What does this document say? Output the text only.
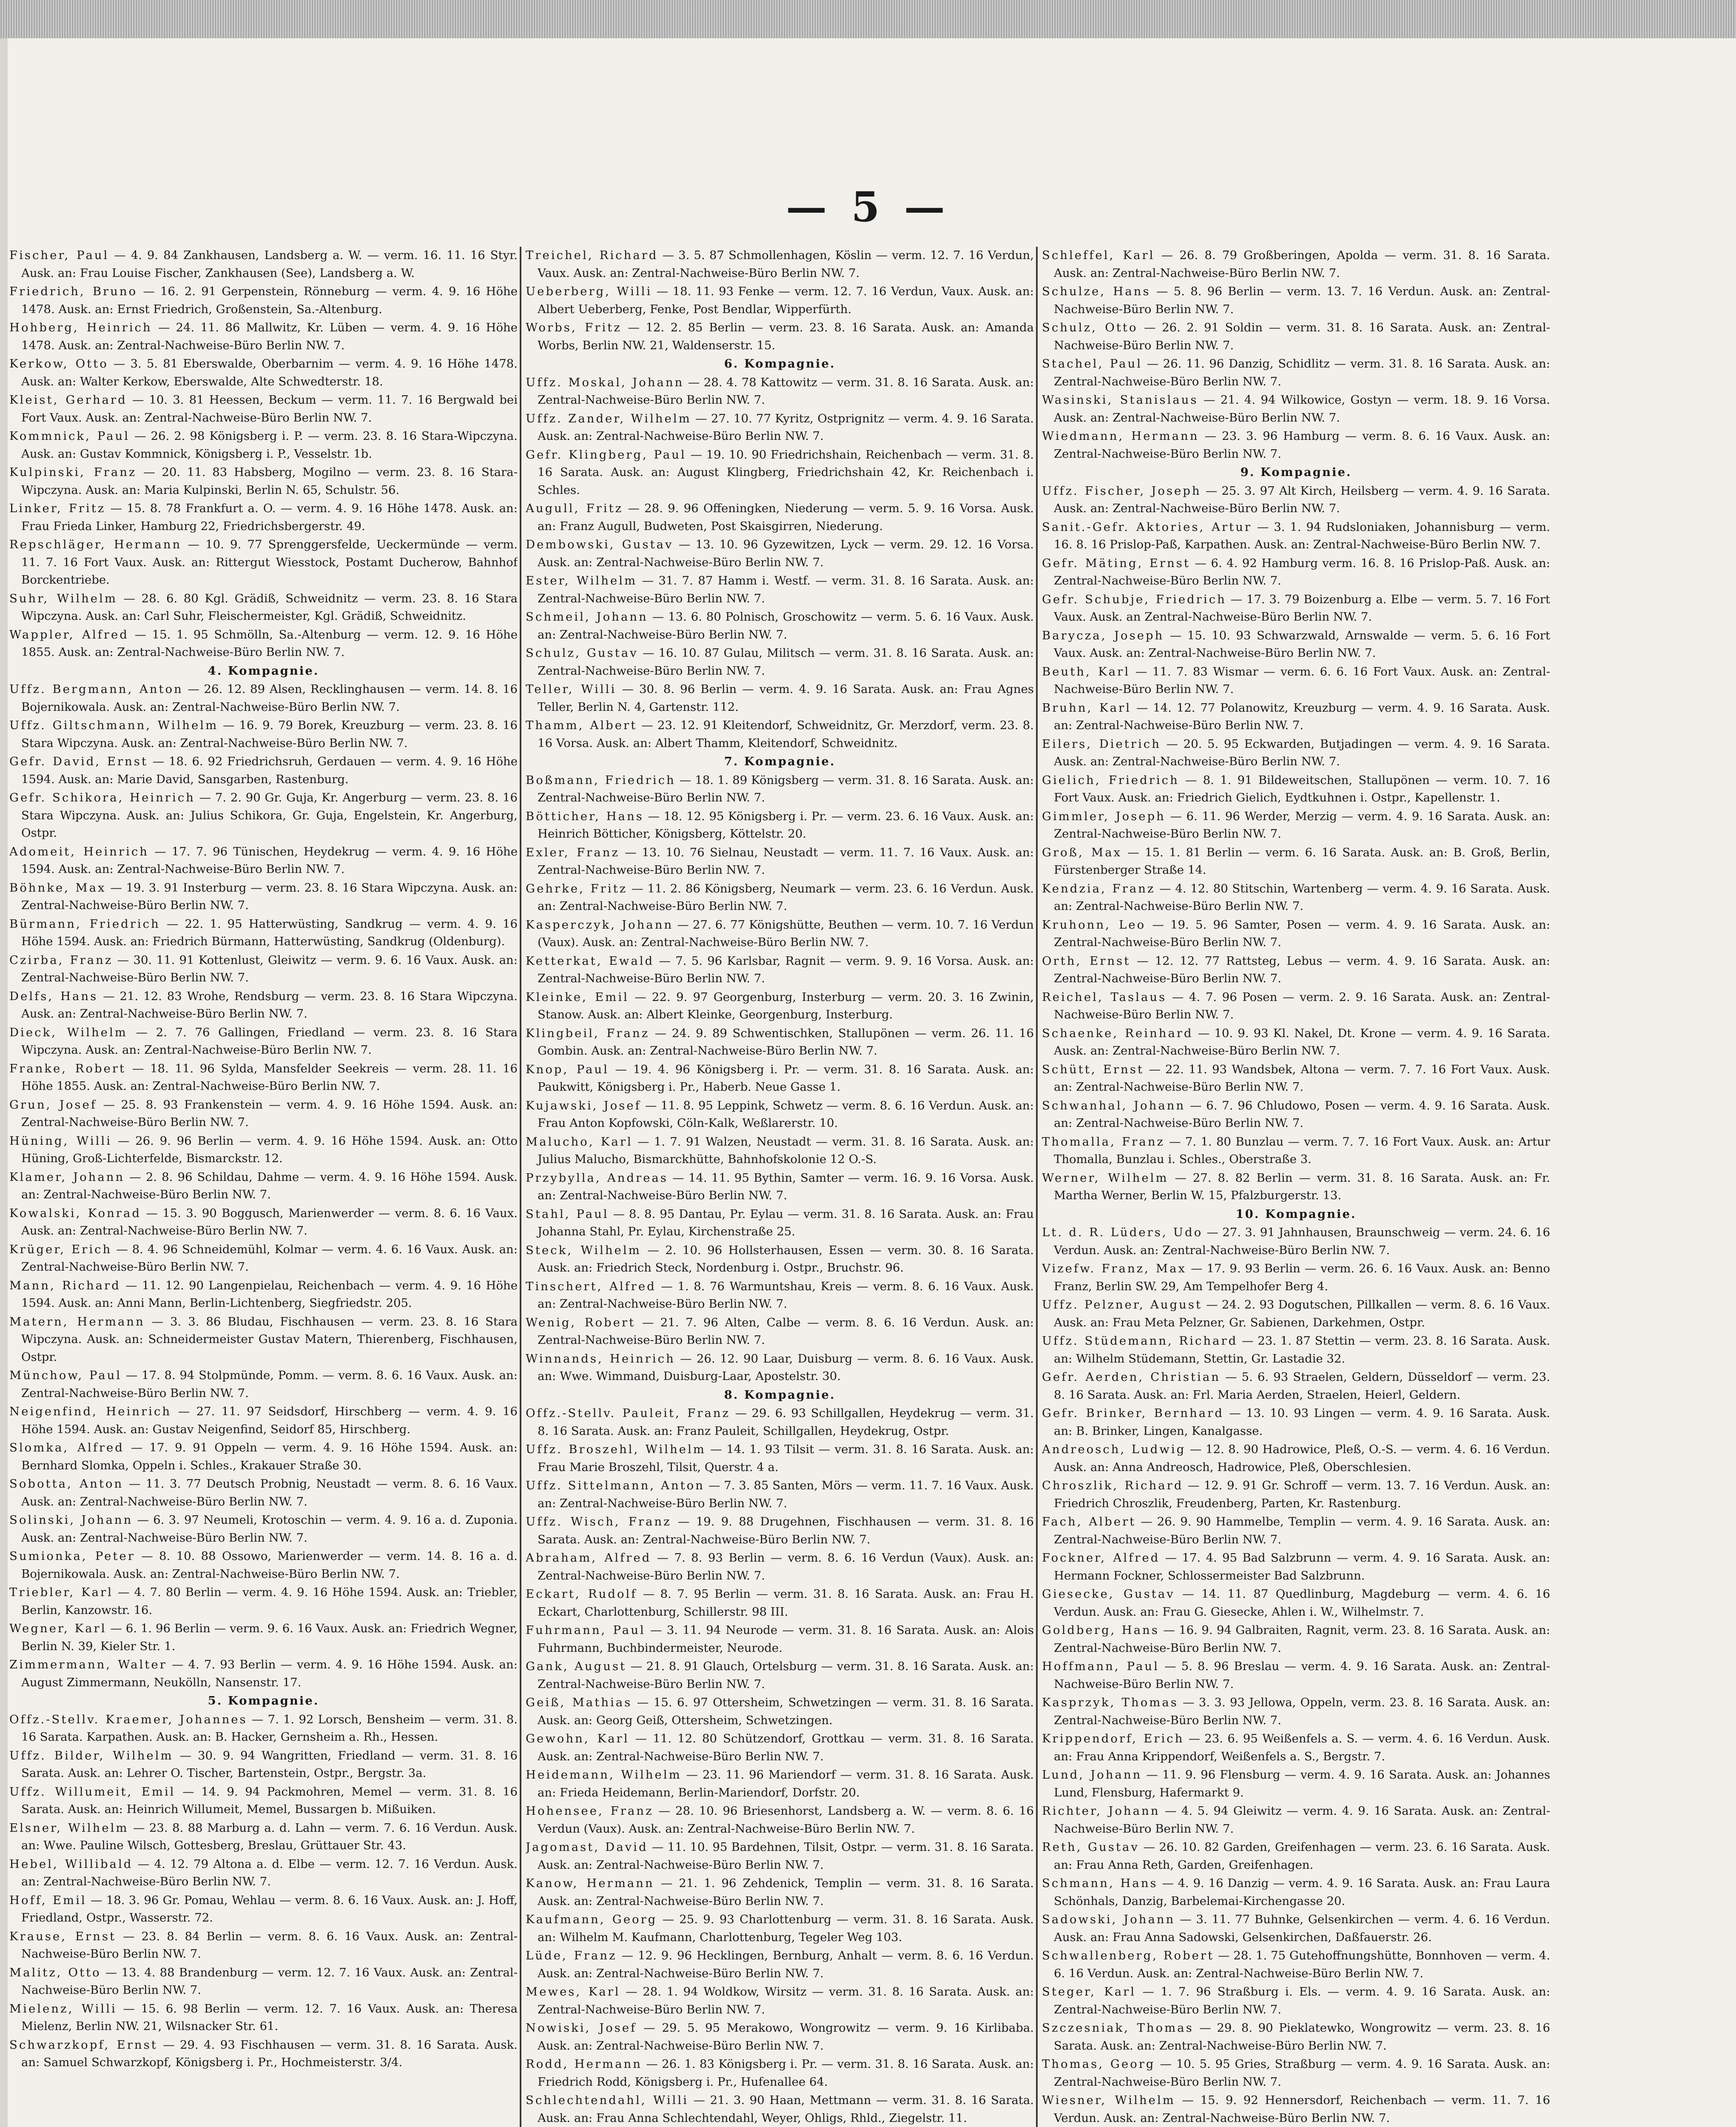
— 5 —
Fischer, Paul — 4. 9. 84 Zankhausen, Landsberg a. W. — verm. 16. 11. 16 Styr. Ausk. an: Frau Louise Fischer, Zankhausen (See), Landsberg a. W.
Friedrich, Bruno — 16. 2. 91 Gerpenstein, Rönneburg — verm. 4. 9. 16 Höhe 1478. Ausk. an: Ernst Friedrich, Großenstein, Sa.-Altenburg.
Hohberg, Heinrich — 24. 11. 86 Mallwitz, Kr. Lüben — verm. 4. 9. 16 Höhe 1478. Ausk. an: Zentral-Nachweise-Büro Berlin NW. 7.
Kerkow, Otto — 3. 5. 81 Eberswalde, Oberbarnim — verm. 4. 9. 16 Höhe 1478. Ausk. an: Walter Kerkow, Eberswalde, Alte Schwedterstr. 18.
Kleist, Gerhard — 10. 3. 81 Heessen, Beckum — verm. 11. 7. 16 Bergwald bei Fort Vaux. Ausk. an: Zentral-Nachweise-Büro Berlin NW. 7.
Kommnick, Paul — 26. 2. 98 Königsberg i. P. — verm. 23. 8. 16 Stara-Wipczyna. Ausk. an: Gustav Kommnick, Königsberg i. P., Vesselstr. 1b.
Kulpinski, Franz — 20. 11. 83 Habsberg, Mogilno — verm. 23. 8. 16 Stara-Wipczyna. Ausk. an: Maria Kulpinski, Berlin N. 65, Schulstr. 56.
Linker, Fritz — 15. 8. 78 Frankfurt a. O. — verm. 4. 9. 16 Höhe 1478. Ausk. an: Frau Frieda Linker, Hamburg 22, Friedrichsbergerstr. 49.
Repschläger, Hermann — 10. 9. 77 Sprenggersfelde, Ueckermünde — verm. 11. 7. 16 Fort Vaux. Ausk. an: Rittergut Wiesstock, Postamt Ducherow, Bahnhof Borckentriebe.
Suhr, Wilhelm — 28. 6. 80 Kgl. Grädiß, Schweidnitz — verm. 23. 8. 16 Stara Wipczyna. Ausk. an: Carl Suhr, Fleischermeister, Kgl. Grädiß, Schweidnitz.
Wappler, Alfred — 15. 1. 95 Schmölln, Sa.-Altenburg — verm. 12. 9. 16 Höhe 1855. Ausk. an: Zentral-Nachweise-Büro Berlin NW. 7.
4. Kompagnie.
Uffz. Bergmann, Anton — 26. 12. 89 Alsen, Recklinghausen — verm. 14. 8. 16 Bojernikowala. Ausk. an: Zentral-Nachweise-Büro Berlin NW. 7.
Uffz. Giltschmann, Wilhelm — 16. 9. 79 Borek, Kreuzburg — verm. 23. 8. 16 Stara Wipczyna. Ausk. an: Zentral-Nachweise-Büro Berlin NW. 7.
Gefr. David, Ernst — 18. 6. 92 Friedrichsruh, Gerdauen — verm. 4. 9. 16 Höhe 1594. Ausk. an: Marie David, Sansgarben, Rastenburg.
Gefr. Schikora, Heinrich — 7. 2. 90 Gr. Guja, Kr. Angerburg — verm. 23. 8. 16 Stara Wipczyna. Ausk. an: Julius Schikora, Gr. Guja, Engelstein, Kr. Angerburg, Ostpr.
Adomeit, Heinrich — 17. 7. 96 Tünischen, Heydekrug — verm. 4. 9. 16 Höhe 1594. Ausk. an: Zentral-Nachweise-Büro Berlin NW. 7.
Böhnke, Max — 19. 3. 91 Insterburg — verm. 23. 8. 16 Stara Wipczyna. Ausk. an: Zentral-Nachweise-Büro Berlin NW. 7.
Bürmann, Friedrich — 22. 1. 95 Hatterwüsting, Sandkrug — verm. 4. 9. 16 Höhe 1594. Ausk. an: Friedrich Bürmann, Hatterwüsting, Sandkrug (Oldenburg).
Czirba, Franz — 30. 11. 91 Kottenlust, Gleiwitz — verm. 9. 6. 16 Vaux. Ausk. an: Zentral-Nachweise-Büro Berlin NW. 7.
Delfs, Hans — 21. 12. 83 Wrohe, Rendsburg — verm. 23. 8. 16 Stara Wipczyna. Ausk. an: Zentral-Nachweise-Büro Berlin NW. 7.
Dieck, Wilhelm — 2. 7. 76 Gallingen, Friedland — verm. 23. 8. 16 Stara Wipczyna. Ausk. an: Zentral-Nachweise-Büro Berlin NW. 7.
Franke, Robert — 18. 11. 96 Sylda, Mansfelder Seekreis — verm. 28. 11. 16 Höhe 1855. Ausk. an: Zentral-Nachweise-Büro Berlin NW. 7.
Grun, Josef — 25. 8. 93 Frankenstein — verm. 4. 9. 16 Höhe 1594. Ausk. an: Zentral-Nachweise-Büro Berlin NW. 7.
Hüning, Willi — 26. 9. 96 Berlin — verm. 4. 9. 16 Höhe 1594. Ausk. an: Otto Hüning, Groß-Lichterfelde, Bismarckstr. 12.
Klamer, Johann — 2. 8. 96 Schildau, Dahme — verm. 4. 9. 16 Höhe 1594. Ausk. an: Zentral-Nachweise-Büro Berlin NW. 7.
Kowalski, Konrad — 15. 3. 90 Boggusch, Marienwerder — verm. 8. 6. 16 Vaux. Ausk. an: Zentral-Nachweise-Büro Berlin NW. 7.
Krüger, Erich — 8. 4. 96 Schneidemühl, Kolmar — verm. 4. 6. 16 Vaux. Ausk. an: Zentral-Nachweise-Büro Berlin NW. 7.
Mann, Richard — 11. 12. 90 Langenpielau, Reichenbach — verm. 4. 9. 16 Höhe 1594. Ausk. an: Anni Mann, Berlin-Lichtenberg, Siegfriedstr. 205.
Matern, Hermann — 3. 3. 86 Bludau, Fischhausen — verm. 23. 8. 16 Stara Wipczyna. Ausk. an: Schneidermeister Gustav Matern, Thierenberg, Fischhausen, Ostpr.
Münchow, Paul — 17. 8. 94 Stolpmünde, Pomm. — verm. 8. 6. 16 Vaux. Ausk. an: Zentral-Nachweise-Büro Berlin NW. 7.
Neigenfind, Heinrich — 27. 11. 97 Seidsdorf, Hirschberg — verm. 4. 9. 16 Höhe 1594. Ausk. an: Gustav Neigenfind, Seidorf 85, Hirschberg.
Slomka, Alfred — 17. 9. 91 Oppeln — verm. 4. 9. 16 Höhe 1594. Ausk. an: Bernhard Slomka, Oppeln i. Schles., Krakauer Straße 30.
Sobotta, Anton — 11. 3. 77 Deutsch Probnig, Neustadt — verm. 8. 6. 16 Vaux. Ausk. an: Zentral-Nachweise-Büro Berlin NW. 7.
Solinski, Johann — 6. 3. 97 Neumeli, Krotoschin — verm. 4. 9. 16 a. d. Zuponia. Ausk. an: Zentral-Nachweise-Büro Berlin NW. 7.
Sumionka, Peter — 8. 10. 88 Ossowo, Marienwerder — verm. 14. 8. 16 a. d. Bojernikowala. Ausk. an: Zentral-Nachweise-Büro Berlin NW. 7.
Triebler, Karl — 4. 7. 80 Berlin — verm. 4. 9. 16 Höhe 1594. Ausk. an: Triebler, Berlin, Kanzowstr. 16.
Wegner, Karl — 6. 1. 96 Berlin — verm. 9. 6. 16 Vaux. Ausk. an: Friedrich Wegner, Berlin N. 39, Kieler Str. 1.
Zimmermann, Walter — 4. 7. 93 Berlin — verm. 4. 9. 16 Höhe 1594. Ausk. an: August Zimmermann, Neukölln, Nansenstr. 17.
5. Kompagnie.
Offz.-Stellv. Kraemer, Johannes — 7. 1. 92 Lorsch, Bensheim — verm. 31. 8. 16 Sarata. Karpathen. Ausk. an: B. Hacker, Gernsheim a. Rh., Hessen.
Uffz. Bilder, Wilhelm — 30. 9. 94 Wangritten, Friedland — verm. 31. 8. 16 Sarata. Ausk. an: Lehrer O. Tischer, Bartenstein, Ostpr., Bergstr. 3a.
Uffz. Willumeit, Emil — 14. 9. 94 Packmohren, Memel — verm. 31. 8. 16 Sarata. Ausk. an: Heinrich Willumeit, Memel, Bussargen b. Mißuiken.
Elsner, Wilhelm — 23. 8. 88 Marburg a. d. Lahn — verm. 7. 6. 16 Verdun. Ausk. an: Wwe. Pauline Wilsch, Gottesberg, Breslau, Grüttauer Str. 43.
Hebel, Willibald — 4. 12. 79 Altona a. d. Elbe — verm. 12. 7. 16 Verdun. Ausk. an: Zentral-Nachweise-Büro Berlin NW. 7.
Hoff, Emil — 18. 3. 96 Gr. Pomau, Wehlau — verm. 8. 6. 16 Vaux. Ausk. an: J. Hoff, Friedland, Ostpr., Wasserstr. 72.
Krause, Ernst — 23. 8. 84 Berlin — verm. 8. 6. 16 Vaux. Ausk. an: Zentral-Nachweise-Büro Berlin NW. 7.
Malitz, Otto — 13. 4. 88 Brandenburg — verm. 12. 7. 16 Vaux. Ausk. an: Zentral-Nachweise-Büro Berlin NW. 7.
Mielenz, Willi — 15. 6. 98 Berlin — verm. 12. 7. 16 Vaux. Ausk. an: Theresa Mielenz, Berlin NW. 21, Wilsnacker Str. 61.
Schwarzkopf, Ernst — 29. 4. 93 Fischhausen — verm. 31. 8. 16 Sarata. Ausk. an: Samuel Schwarzkopf, Königsberg i. Pr., Hochmeisterstr. 3/4.
Treichel, Richard — 3. 5. 87 Schmollenhagen, Köslin — verm. 12. 7. 16 Verdun, Vaux. Ausk. an: Zentral-Nachweise-Büro Berlin NW. 7.
Ueberberg, Willi — 18. 11. 93 Fenke — verm. 12. 7. 16 Verdun, Vaux. Ausk. an: Albert Ueberberg, Fenke, Post Bendlar, Wipperfürth.
Worbs, Fritz — 12. 2. 85 Berlin — verm. 23. 8. 16 Sarata. Ausk. an: Amanda Worbs, Berlin NW. 21, Waldenserstr. 15.
6. Kompagnie.
Uffz. Moskal, Johann — 28. 4. 78 Kattowitz — verm. 31. 8. 16 Sarata. Ausk. an: Zentral-Nachweise-Büro Berlin NW. 7.
Uffz. Zander, Wilhelm — 27. 10. 77 Kyritz, Ostprignitz — verm. 4. 9. 16 Sarata. Ausk. an: Zentral-Nachweise-Büro Berlin NW. 7.
Gefr. Klingberg, Paul — 19. 10. 90 Friedrichshain, Reichenbach — verm. 31. 8. 16 Sarata. Ausk. an: August Klingberg, Friedrichshain 42, Kr. Reichenbach i. Schles.
Augull, Fritz — 28. 9. 96 Offeningken, Niederung — verm. 5. 9. 16 Vorsa. Ausk. an: Franz Augull, Budweten, Post Skaisgirren, Niederung.
Dembowski, Gustav — 13. 10. 96 Gyzewitzen, Lyck — verm. 29. 12. 16 Vorsa. Ausk. an: Zentral-Nachweise-Büro Berlin NW. 7.
Ester, Wilhelm — 31. 7. 87 Hamm i. Westf. — verm. 31. 8. 16 Sarata. Ausk. an: Zentral-Nachweise-Büro Berlin NW. 7.
Schmeil, Johann — 13. 6. 80 Polnisch, Groschowitz — verm. 5. 6. 16 Vaux. Ausk. an: Zentral-Nachweise-Büro Berlin NW. 7.
Schulz, Gustav — 16. 10. 87 Gulau, Militsch — verm. 31. 8. 16 Sarata. Ausk. an: Zentral-Nachweise-Büro Berlin NW. 7.
Teller, Willi — 30. 8. 96 Berlin — verm. 4. 9. 16 Sarata. Ausk. an: Frau Agnes Teller, Berlin N. 4, Gartenstr. 112.
Thamm, Albert — 23. 12. 91 Kleitendorf, Schweidnitz, Gr. Merzdorf, verm. 23. 8. 16 Vorsa. Ausk. an: Albert Thamm, Kleitendorf, Schweidnitz.
7. Kompagnie.
Boßmann, Friedrich — 18. 1. 89 Königsberg — verm. 31. 8. 16 Sarata. Ausk. an: Zentral-Nachweise-Büro Berlin NW. 7.
Bötticher, Hans — 18. 12. 95 Königsberg i. Pr. — verm. 23. 6. 16 Vaux. Ausk. an: Heinrich Bötticher, Königsberg, Köttelstr. 20.
Exler, Franz — 13. 10. 76 Sielnau, Neustadt — verm. 11. 7. 16 Vaux. Ausk. an: Zentral-Nachweise-Büro Berlin NW. 7.
Gehrke, Fritz — 11. 2. 86 Königsberg, Neumark — verm. 23. 6. 16 Verdun. Ausk. an: Zentral-Nachweise-Büro Berlin NW. 7.
Kasperczyk, Johann — 27. 6. 77 Königshütte, Beuthen — verm. 10. 7. 16 Verdun (Vaux). Ausk. an: Zentral-Nachweise-Büro Berlin NW. 7.
Ketterkat, Ewald — 7. 5. 96 Karlsbar, Ragnit — verm. 9. 9. 16 Vorsa. Ausk. an: Zentral-Nachweise-Büro Berlin NW. 7.
Kleinke, Emil — 22. 9. 97 Georgenburg, Insterburg — verm. 20. 3. 16 Zwinin, Stanow. Ausk. an: Albert Kleinke, Georgenburg, Insterburg.
Klingbeil, Franz — 24. 9. 89 Schwentischken, Stallupönen — verm. 26. 11. 16 Gombin. Ausk. an: Zentral-Nachweise-Büro Berlin NW. 7.
Knop, Paul — 19. 4. 96 Königsberg i. Pr. — verm. 31. 8. 16 Sarata. Ausk. an: Paukwitt, Königsberg i. Pr., Haberb. Neue Gasse 1.
Kujawski, Josef — 11. 8. 95 Leppink, Schwetz — verm. 8. 6. 16 Verdun. Ausk. an: Frau Anton Kopfowski, Cöln-Kalk, Weßlarerstr. 10.
Malucho, Karl — 1. 7. 91 Walzen, Neustadt — verm. 31. 8. 16 Sarata. Ausk. an: Julius Malucho, Bismarckhütte, Bahnhofskolonie 12 O.-S.
Przybylla, Andreas — 14. 11. 95 Bythin, Samter — verm. 16. 9. 16 Vorsa. Ausk. an: Zentral-Nachweise-Büro Berlin NW. 7.
Stahl, Paul — 8. 8. 95 Dantau, Pr. Eylau — verm. 31. 8. 16 Sarata. Ausk. an: Frau Johanna Stahl, Pr. Eylau, Kirchenstraße 25.
Steck, Wilhelm — 2. 10. 96 Hollsterhausen, Essen — verm. 30. 8. 16 Sarata. Ausk. an: Friedrich Steck, Nordenburg i. Ostpr., Bruchstr. 96.
Tinschert, Alfred — 1. 8. 76 Warmuntshau, Kreis — verm. 8. 6. 16 Vaux. Ausk. an: Zentral-Nachweise-Büro Berlin NW. 7.
Wenig, Robert — 21. 7. 96 Alten, Calbe — verm. 8. 6. 16 Verdun. Ausk. an: Zentral-Nachweise-Büro Berlin NW. 7.
Winnands, Heinrich — 26. 12. 90 Laar, Duisburg — verm. 8. 6. 16 Vaux. Ausk. an: Wwe. Wimmand, Duisburg-Laar, Apostelstr. 30.
8. Kompagnie.
Offz.-Stellv. Pauleit, Franz — 29. 6. 93 Schillgallen, Heydekrug — verm. 31. 8. 16 Sarata. Ausk. an: Franz Pauleit, Schillgallen, Heydekrug, Ostpr.
Uffz. Broszehl, Wilhelm — 14. 1. 93 Tilsit — verm. 31. 8. 16 Sarata. Ausk. an: Frau Marie Broszehl, Tilsit, Querstr. 4 a.
Uffz. Sittelmann, Anton — 7. 3. 85 Santen, Mörs — verm. 11. 7. 16 Vaux. Ausk. an: Zentral-Nachweise-Büro Berlin NW. 7.
Uffz. Wisch, Franz — 19. 9. 88 Drugehnen, Fischhausen — verm. 31. 8. 16 Sarata. Ausk. an: Zentral-Nachweise-Büro Berlin NW. 7.
Abraham, Alfred — 7. 8. 93 Berlin — verm. 8. 6. 16 Verdun (Vaux). Ausk. an: Zentral-Nachweise-Büro Berlin NW. 7.
Eckart, Rudolf — 8. 7. 95 Berlin — verm. 31. 8. 16 Sarata. Ausk. an: Frau H. Eckart, Charlottenburg, Schillerstr. 98 III.
Fuhrmann, Paul — 3. 11. 94 Neurode — verm. 31. 8. 16 Sarata. Ausk. an: Alois Fuhrmann, Buchbindermeister, Neurode.
Gank, August — 21. 8. 91 Glauch, Ortelsburg — verm. 31. 8. 16 Sarata. Ausk. an: Zentral-Nachweise-Büro Berlin NW. 7.
Geiß, Mathias — 15. 6. 97 Ottersheim, Schwetzingen — verm. 31. 8. 16 Sarata. Ausk. an: Georg Geiß, Ottersheim, Schwetzingen.
Gewohn, Karl — 11. 12. 80 Schützendorf, Grottkau — verm. 31. 8. 16 Sarata. Ausk. an: Zentral-Nachweise-Büro Berlin NW. 7.
Heidemann, Wilhelm — 23. 11. 96 Mariendorf — verm. 31. 8. 16 Sarata. Ausk. an: Frieda Heidemann, Berlin-Mariendorf, Dorfstr. 20.
Hohensee, Franz — 28. 10. 96 Briesenhorst, Landsberg a. W. — verm. 8. 6. 16 Verdun (Vaux). Ausk. an: Zentral-Nachweise-Büro Berlin NW. 7.
Jagomast, David — 11. 10. 95 Bardehnen, Tilsit, Ostpr. — verm. 31. 8. 16 Sarata. Ausk. an: Zentral-Nachweise-Büro Berlin NW. 7.
Kanow, Hermann — 21. 1. 96 Zehdenick, Templin — verm. 31. 8. 16 Sarata. Ausk. an: Zentral-Nachweise-Büro Berlin NW. 7.
Kaufmann, Georg — 25. 9. 93 Charlottenburg — verm. 31. 8. 16 Sarata. Ausk. an: Wilhelm M. Kaufmann, Charlottenburg, Tegeler Weg 103.
Lüde, Franz — 12. 9. 96 Hecklingen, Bernburg, Anhalt — verm. 8. 6. 16 Verdun. Ausk. an: Zentral-Nachweise-Büro Berlin NW. 7.
Mewes, Karl — 28. 1. 94 Woldkow, Wirsitz — verm. 31. 8. 16 Sarata. Ausk. an: Zentral-Nachweise-Büro Berlin NW. 7.
Nowiski, Josef — 29. 5. 95 Merakowo, Wongrowitz — verm. 9. 16 Kirlibaba. Ausk. an: Zentral-Nachweise-Büro Berlin NW. 7.
Rodd, Hermann — 26. 1. 83 Königsberg i. Pr. — verm. 31. 8. 16 Sarata. Ausk. an: Friedrich Rodd, Königsberg i. Pr., Hufenallee 64.
Schlechtendahl, Willi — 21. 3. 90 Haan, Mettmann — verm. 31. 8. 16 Sarata. Ausk. an: Frau Anna Schlechtendahl, Weyer, Ohligs, Rhld., Ziegelstr. 11.
Schleffel, Karl — 26. 8. 79 Großberingen, Apolda — verm. 31. 8. 16 Sarata. Ausk. an: Zentral-Nachweise-Büro Berlin NW. 7.
Schulze, Hans — 5. 8. 96 Berlin — verm. 13. 7. 16 Verdun. Ausk. an: Zentral-Nachweise-Büro Berlin NW. 7.
Schulz, Otto — 26. 2. 91 Soldin — verm. 31. 8. 16 Sarata. Ausk. an: Zentral-Nachweise-Büro Berlin NW. 7.
Stachel, Paul — 26. 11. 96 Danzig, Schidlitz — verm. 31. 8. 16 Sarata. Ausk. an: Zentral-Nachweise-Büro Berlin NW. 7.
Wasinski, Stanislaus — 21. 4. 94 Wilkowice, Gostyn — verm. 18. 9. 16 Vorsa. Ausk. an: Zentral-Nachweise-Büro Berlin NW. 7.
Wiedmann, Hermann — 23. 3. 96 Hamburg — verm. 8. 6. 16 Vaux. Ausk. an: Zentral-Nachweise-Büro Berlin NW. 7.
9. Kompagnie.
Uffz. Fischer, Joseph — 25. 3. 97 Alt Kirch, Heilsberg — verm. 4. 9. 16 Sarata. Ausk. an: Zentral-Nachweise-Büro Berlin NW. 7.
Sanit.-Gefr. Aktories, Artur — 3. 1. 94 Rudsloniaken, Johannisburg — verm. 16. 8. 16 Prislop-Paß, Karpathen. Ausk. an: Zentral-Nachweise-Büro Berlin NW. 7.
Gefr. Mäting, Ernst — 6. 4. 92 Hamburg verm. 16. 8. 16 Prislop-Paß. Ausk. an: Zentral-Nachweise-Büro Berlin NW. 7.
Gefr. Schubje, Friedrich — 17. 3. 79 Boizenburg a. Elbe — verm. 5. 7. 16 Fort Vaux. Ausk. an Zentral-Nachweise-Büro Berlin NW. 7.
Barycza, Joseph — 15. 10. 93 Schwarzwald, Arnswalde — verm. 5. 6. 16 Fort Vaux. Ausk. an: Zentral-Nachweise-Büro Berlin NW. 7.
Beuth, Karl — 11. 7. 83 Wismar — verm. 6. 6. 16 Fort Vaux. Ausk. an: Zentral-Nachweise-Büro Berlin NW. 7.
Bruhn, Karl — 14. 12. 77 Polanowitz, Kreuzburg — verm. 4. 9. 16 Sarata. Ausk. an: Zentral-Nachweise-Büro Berlin NW. 7.
Eilers, Dietrich — 20. 5. 95 Eckwarden, Butjadingen — verm. 4. 9. 16 Sarata. Ausk. an: Zentral-Nachweise-Büro Berlin NW. 7.
Gielich, Friedrich — 8. 1. 91 Bildeweitschen, Stallupönen — verm. 10. 7. 16 Fort Vaux. Ausk. an: Friedrich Gielich, Eydtkuhnen i. Ostpr., Kapellenstr. 1.
Gimmler, Joseph — 6. 11. 96 Werder, Merzig — verm. 4. 9. 16 Sarata. Ausk. an: Zentral-Nachweise-Büro Berlin NW. 7.
Groß, Max — 15. 1. 81 Berlin — verm. 6. 16 Sarata. Ausk. an: B. Groß, Berlin, Fürstenberger Straße 14.
Kendzia, Franz — 4. 12. 80 Stitschin, Wartenberg — verm. 4. 9. 16 Sarata. Ausk. an: Zentral-Nachweise-Büro Berlin NW. 7.
Kruhonn, Leo — 19. 5. 96 Samter, Posen — verm. 4. 9. 16 Sarata. Ausk. an: Zentral-Nachweise-Büro Berlin NW. 7.
Orth, Ernst — 12. 12. 77 Rattsteg, Lebus — verm. 4. 9. 16 Sarata. Ausk. an: Zentral-Nachweise-Büro Berlin NW. 7.
Reichel, Taslaus — 4. 7. 96 Posen — verm. 2. 9. 16 Sarata. Ausk. an: Zentral-Nachweise-Büro Berlin NW. 7.
Schaenke, Reinhard — 10. 9. 93 Kl. Nakel, Dt. Krone — verm. 4. 9. 16 Sarata. Ausk. an: Zentral-Nachweise-Büro Berlin NW. 7.
Schütt, Ernst — 22. 11. 93 Wandsbek, Altona — verm. 7. 7. 16 Fort Vaux. Ausk. an: Zentral-Nachweise-Büro Berlin NW. 7.
Schwanhal, Johann — 6. 7. 96 Chludowo, Posen — verm. 4. 9. 16 Sarata. Ausk. an: Zentral-Nachweise-Büro Berlin NW. 7.
Thomalla, Franz — 7. 1. 80 Bunzlau — verm. 7. 7. 16 Fort Vaux. Ausk. an: Artur Thomalla, Bunzlau i. Schles., Oberstraße 3.
Werner, Wilhelm — 27. 8. 82 Berlin — verm. 31. 8. 16 Sarata. Ausk. an: Fr. Martha Werner, Berlin W. 15, Pfalzburgerstr. 13.
10. Kompagnie.
Lt. d. R. Lüders, Udo — 27. 3. 91 Jahnhausen, Braunschweig — verm. 24. 6. 16 Verdun. Ausk. an: Zentral-Nachweise-Büro Berlin NW. 7.
Vizefw. Franz, Max — 17. 9. 93 Berlin — verm. 26. 6. 16 Vaux. Ausk. an: Benno Franz, Berlin SW. 29, Am Tempelhofer Berg 4.
Uffz. Pelzner, August — 24. 2. 93 Dogutschen, Pillkallen — verm. 8. 6. 16 Vaux. Ausk. an: Frau Meta Pelzner, Gr. Sabienen, Darkehmen, Ostpr.
Uffz. Stüdemann, Richard — 23. 1. 87 Stettin — verm. 23. 8. 16 Sarata. Ausk. an: Wilhelm Stüdemann, Stettin, Gr. Lastadie 32.
Gefr. Aerden, Christian — 5. 6. 93 Straelen, Geldern, Düsseldorf — verm. 23. 8. 16 Sarata. Ausk. an: Frl. Maria Aerden, Straelen, Heierl, Geldern.
Gefr. Brinker, Bernhard — 13. 10. 93 Lingen — verm. 4. 9. 16 Sarata. Ausk. an: B. Brinker, Lingen, Kanalgasse.
Andreosch, Ludwig — 12. 8. 90 Hadrowice, Pleß, O.-S. — verm. 4. 6. 16 Verdun. Ausk. an: Anna Andreosch, Hadrowice, Pleß, Oberschlesien.
Chroszlik, Richard — 12. 9. 91 Gr. Schroff — verm. 13. 7. 16 Verdun. Ausk. an: Friedrich Chroszlik, Freudenberg, Parten, Kr. Rastenburg.
Fach, Albert — 26. 9. 90 Hammelbe, Templin — verm. 4. 9. 16 Sarata. Ausk. an: Zentral-Nachweise-Büro Berlin NW. 7.
Fockner, Alfred — 17. 4. 95 Bad Salzbrunn — verm. 4. 9. 16 Sarata. Ausk. an: Hermann Fockner, Schlossermeister Bad Salzbrunn.
Giesecke, Gustav — 14. 11. 87 Quedlinburg, Magdeburg — verm. 4. 6. 16 Verdun. Ausk. an: Frau G. Giesecke, Ahlen i. W., Wilhelmstr. 7.
Goldberg, Hans — 16. 9. 94 Galbraiten, Ragnit, verm. 23. 8. 16 Sarata. Ausk. an: Zentral-Nachweise-Büro Berlin NW. 7.
Hoffmann, Paul — 5. 8. 96 Breslau — verm. 4. 9. 16 Sarata. Ausk. an: Zentral-Nachweise-Büro Berlin NW. 7.
Kasprzyk, Thomas — 3. 3. 93 Jellowa, Oppeln, verm. 23. 8. 16 Sarata. Ausk. an: Zentral-Nachweise-Büro Berlin NW. 7.
Krippendorf, Erich — 23. 6. 95 Weißenfels a. S. — verm. 4. 6. 16 Verdun. Ausk. an: Frau Anna Krippendorf, Weißenfels a. S., Bergstr. 7.
Lund, Johann — 11. 9. 96 Flensburg — verm. 4. 9. 16 Sarata. Ausk. an: Johannes Lund, Flensburg, Hafermarkt 9.
Richter, Johann — 4. 5. 94 Gleiwitz — verm. 4. 9. 16 Sarata. Ausk. an: Zentral-Nachweise-Büro Berlin NW. 7.
Reth, Gustav — 26. 10. 82 Garden, Greifenhagen — verm. 23. 6. 16 Sarata. Ausk. an: Frau Anna Reth, Garden, Greifenhagen.
Schmann, Hans — 4. 9. 16 Danzig — verm. 4. 9. 16 Sarata. Ausk. an: Frau Laura Schönhals, Danzig, Barbelemai-Kirchengasse 20.
Sadowski, Johann — 3. 11. 77 Buhnke, Gelsenkirchen — verm. 4. 6. 16 Verdun. Ausk. an: Frau Anna Sadowski, Gelsenkirchen, Daßfauerstr. 26.
Schwallenberg, Robert — 28. 1. 75 Gutehoffnungshütte, Bonnhoven — verm. 4. 6. 16 Verdun. Ausk. an: Zentral-Nachweise-Büro Berlin NW. 7.
Steger, Karl — 1. 7. 96 Straßburg i. Els. — verm. 4. 9. 16 Sarata. Ausk. an: Zentral-Nachweise-Büro Berlin NW. 7.
Szczesniak, Thomas — 29. 8. 90 Pieklatewko, Wongrowitz — verm. 23. 8. 16 Sarata. Ausk. an: Zentral-Nachweise-Büro Berlin NW. 7.
Thomas, Georg — 10. 5. 95 Gries, Straßburg — verm. 4. 9. 16 Sarata. Ausk. an: Zentral-Nachweise-Büro Berlin NW. 7.
Wiesner, Wilhelm — 15. 9. 92 Hennersdorf, Reichenbach — verm. 11. 7. 16 Verdun. Ausk. an: Zentral-Nachweise-Büro Berlin NW. 7.
